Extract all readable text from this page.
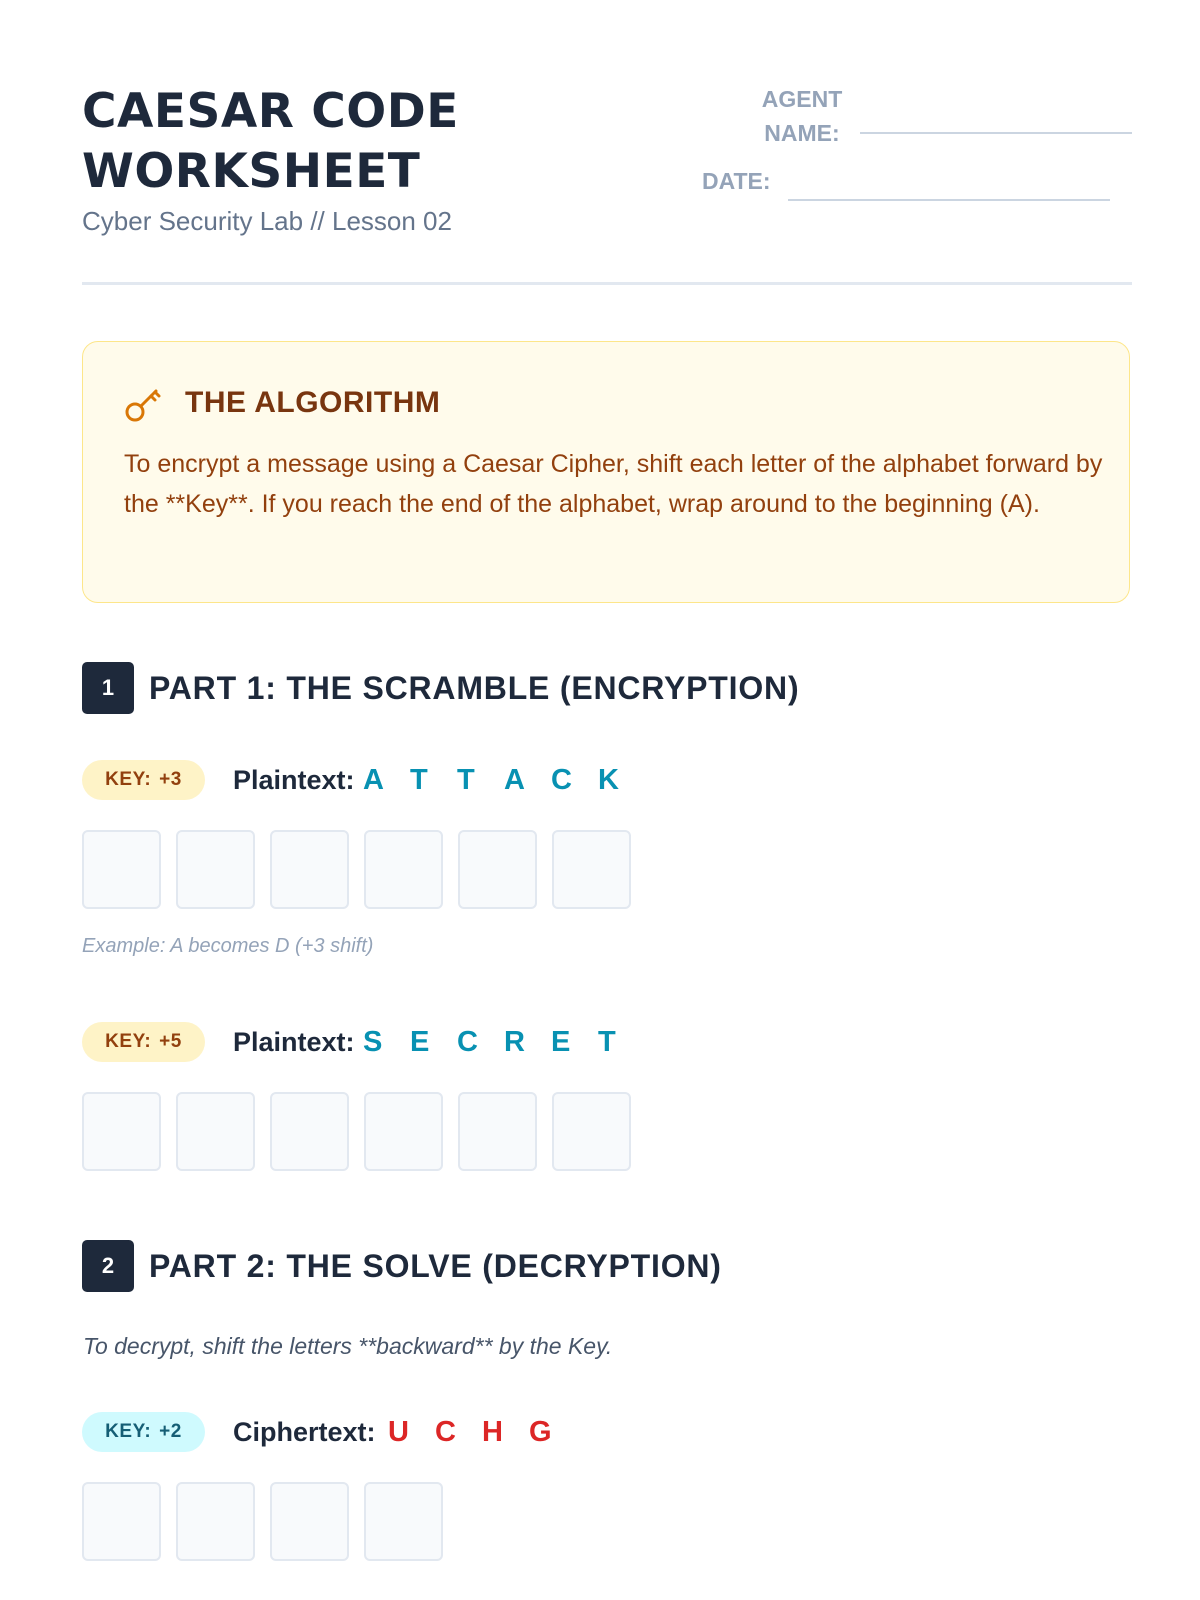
CAESAR CODE
WORKSHEET
Cyber Security Lab // Lesson 02
AGENT
NAME:
DATE:
THE ALGORITHM

To encrypt a message using a Caesar Cipher, shift each letter of the alphabet forward by the **Key**. If you reach the end of the alphabet, wrap around to the beginning (A).

1	PART 1: THE SCRAMBLE (ENCRYPTION)
KEY: +3 Plaintext: A T T A C K
Example: A becomes D (+3 shift)
KEY: +5 Plaintext: S E C R E T
2	PART 2: THE SOLVE (DECRYPTION)
To decrypt, shift the letters **backward** by the Key.
KEY: +2 Ciphertext: U C H G
